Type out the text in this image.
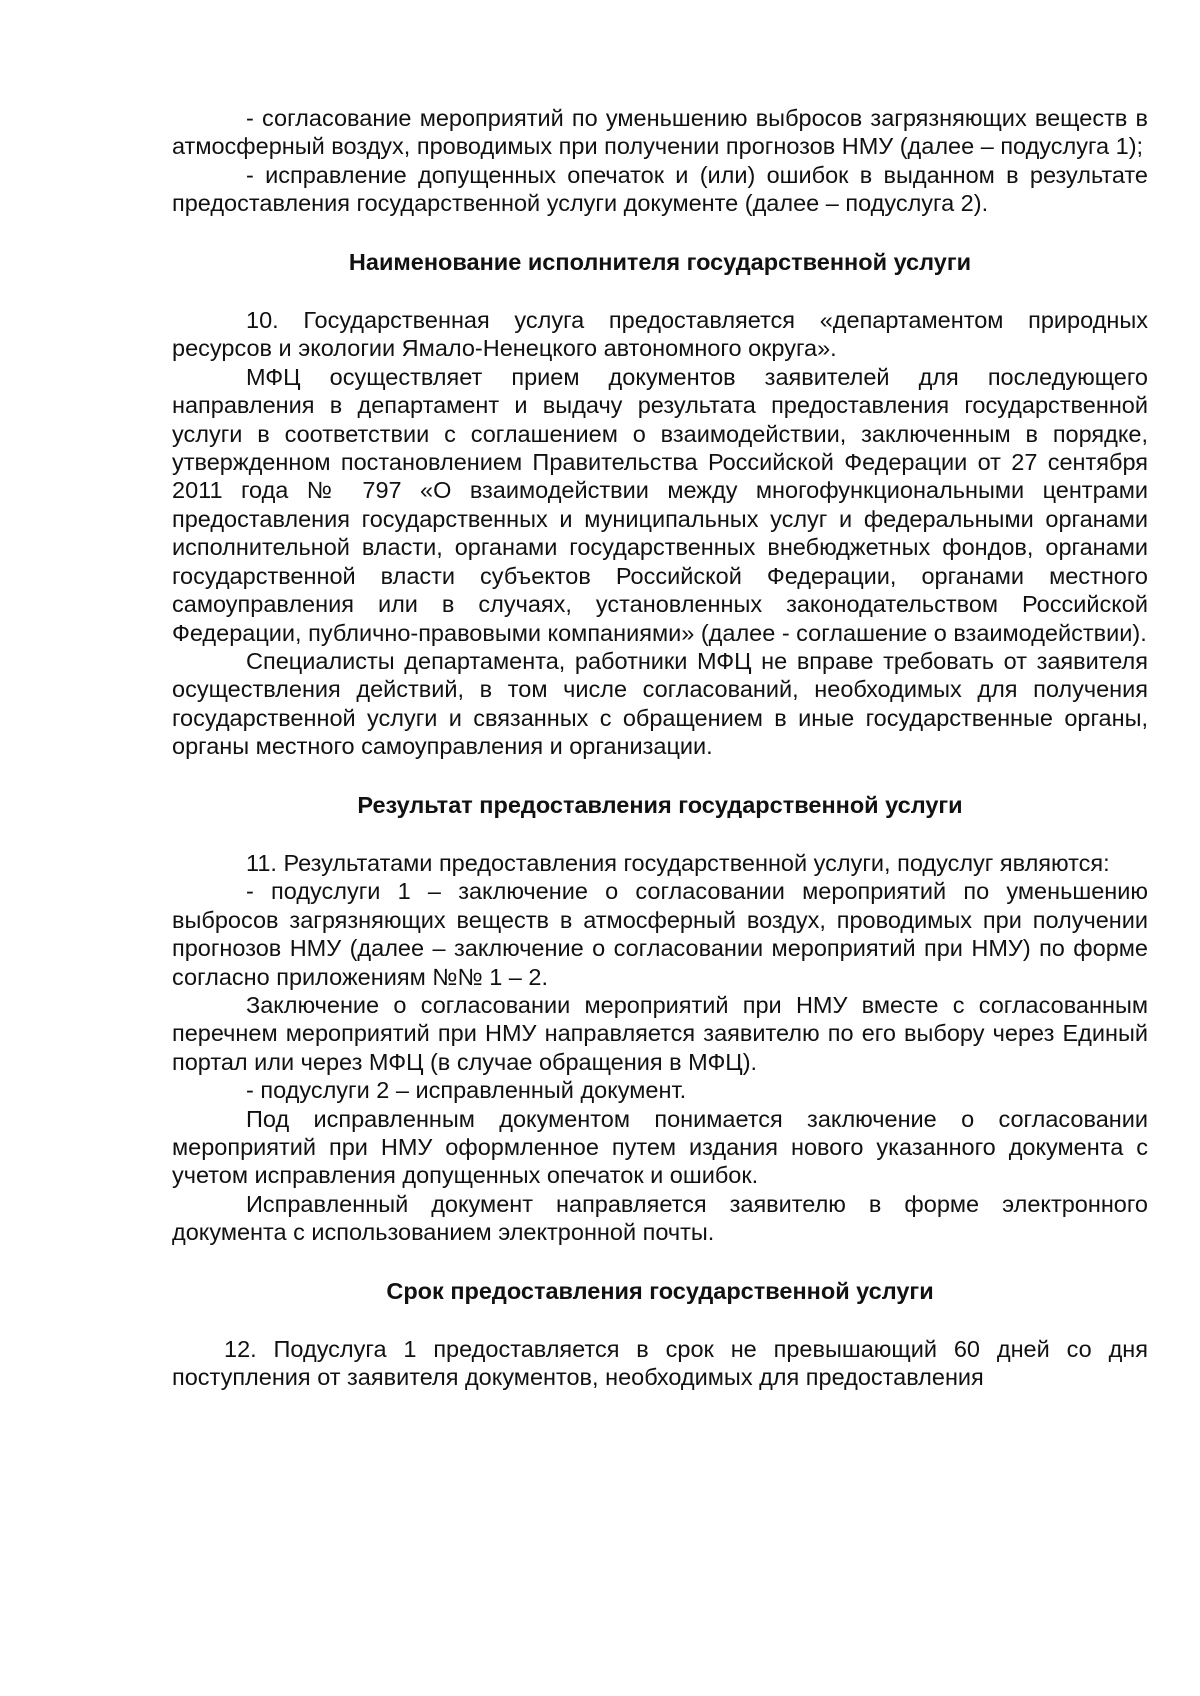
- согласование мероприятий по уменьшению выбросов загрязняющих веществ в атмосферный воздух, проводимых при получении прогнозов НМУ (далее – подуслуга 1);

- исправление допущенных опечаток и (или) ошибок в выданном в результате предоставления государственной услуги документе (далее – подуслуга 2).

Наименование исполнителя государственной услуги

10. Государственная услуга предоставляется «департаментом природных ресурсов и экологии Ямало-Ненецкого автономного округа».

МФЦ осуществляет прием документов заявителей для последующего направления в департамент и выдачу результата предоставления государственной услуги в соответствии с соглашением о взаимодействии, заключенным в порядке, утвержденном постановлением Правительства Российской Федерации от 27 сентября 2011 года № 797 «О взаимодействии между многофункциональными центрами предоставления государственных и муниципальных услуг и федеральными органами исполнительной власти, органами государственных внебюджетных фондов, органами государственной власти субъектов Российской Федерации, органами местного самоуправления или в случаях, установленных законодательством Российской Федерации, публично-правовыми компаниями» (далее - соглашение о взаимодействии).

Специалисты департамента, работники МФЦ не вправе требовать от заявителя осуществления действий, в том числе согласований, необходимых для получения государственной услуги и связанных с обращением в иные государственные органы, органы местного самоуправления и организации.

Результат предоставления государственной услуги

11. Результатами предоставления государственной услуги, подуслуг являются:

- подуслуги 1 – заключение о согласовании мероприятий по уменьшению выбросов загрязняющих веществ в атмосферный воздух, проводимых при получении прогнозов НМУ (далее – заключение о согласовании мероприятий при НМУ) по форме согласно приложениям №№ 1 – 2.

Заключение о согласовании мероприятий при НМУ вместе с согласованным перечнем мероприятий при НМУ направляется заявителю по его выбору через Единый портал или через МФЦ (в случае обращения в МФЦ).

- подуслуги 2 – исправленный документ.

Под исправленным документом понимается заключение о согласовании мероприятий при НМУ оформленное путем издания нового указанного документа с учетом исправления допущенных опечаток и ошибок.

Исправленный документ направляется заявителю в форме электронного документа с использованием электронной почты.

Срок предоставления государственной услуги

12. Подуслуга 1 предоставляется в срок не превышающий 60 дней со дня поступления от заявителя документов, необходимых для предоставления
